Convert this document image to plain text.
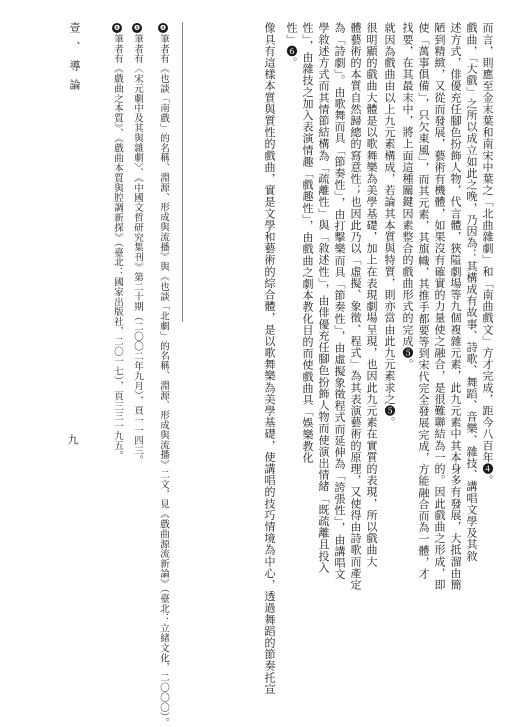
壹、導論
九	而言，則應至金末葉和南宋中葉之「北曲雜劇」和「南曲戲文」方才完成，距今八百年❹。
戲曲，「大戲」之所以成立如此之晚，乃因為：其構成有故事、詩歌、舞蹈、音樂、雜技、講唱文學及其敘
述方式，俳優充任腳色扮飾人物，代言體，狹隘劇場等九個複雜元素，此九元素中其本身多有發展，大抵溜由簡
陋到精緻，又從而發展，藝術有機體，如果沒有確實的力量使之融合，是很難聯結為一的。因此戲曲之形成，即
使「萬事俱備」，只欠東風」，而其元素，其旗幟，其推手都要等到宋代完全發展完成，方能融合而為一體，才
找要，在其最末中，將上面這種關鍵因素整合的戲曲形式的完成❺。
就因為戲曲由以上九元素構成，若論其本質與特質，則亦當由此九元素求之❺。
很明顯的戲曲大體是以歌舞樂為美學基礎，加上在表現劇場呈現，也因此九元素在實質的表現，所以戲曲大
體藝術的本質自然歸總的寫意性；也因此乃以「虛擬、象徵、程式」為其表演藝術的原理，又使得由詩歌而產定
為「詩劇」。由歌舞而具「節奏性」，由打擊樂而具「節奏性」，由虛擬象徵程式而延伸為「誇張性」，由講唱文
學敘述方式而其情節結構為「疏離性」與「敘述性」，由俳優充任腳色扮飾人物而使演出情緒「既疏離且投入
性」，由雜技之加入表演情趣「戲趣性」，由戲曲之劇本教化目的而使戲曲具「娛樂教化
性」❻。
像具有這樣本質與質性的戲曲，實是文學和藝術的綜合體，是以歌舞樂為美學基礎，使講唱的技巧情境為中心，透過舞蹈的節奏托宣
❹筆者有《也談「南戲」的名稱、淵源、形成與流播》與《也談「北劇」的名稱、淵源、形成與流播》二文，見《戲曲源流新論》（臺北：立緒文化，二〇〇〇）。
❺筆者有〈宋元劇中及其與雜劇〉、《中國文哲研究集刊》第二十期（二〇〇二年九月），頁一一四三。
❻筆者有《戲曲之本質》、《戲曲本質與腔調新探》（臺北：國家出版社，二〇一七），頁三三一九五。
